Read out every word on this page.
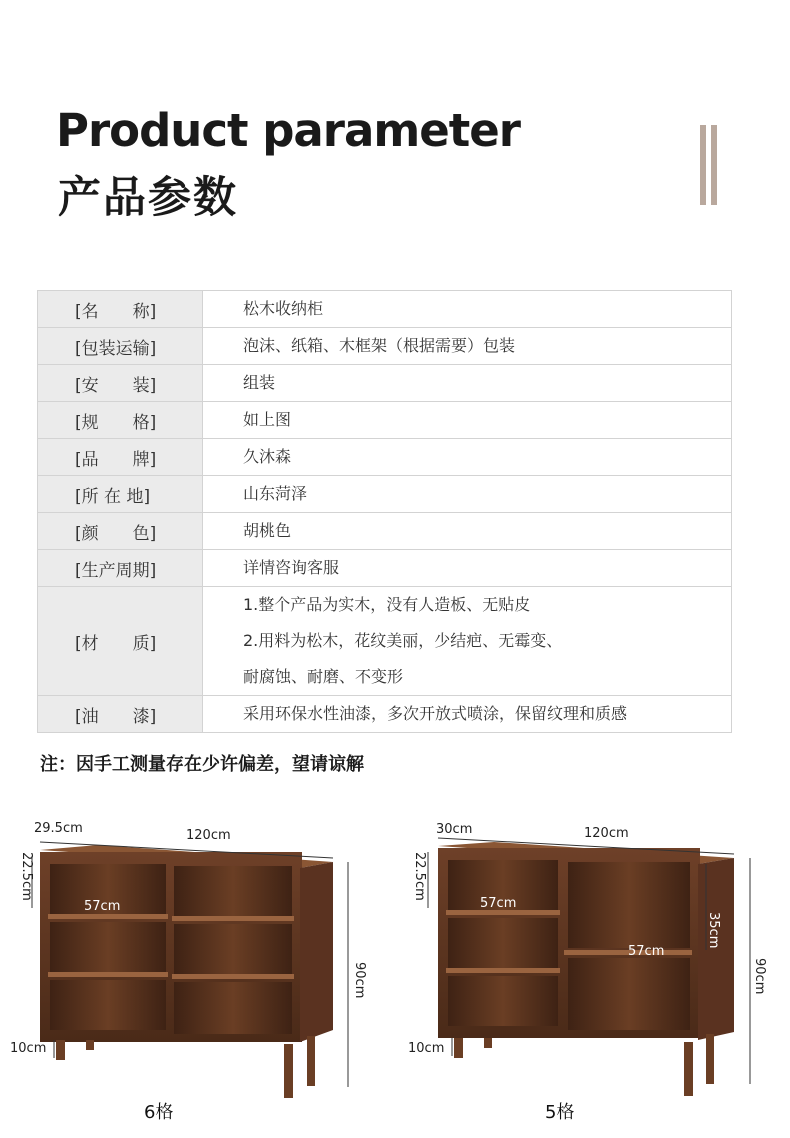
Product parameter
产品参数
[名　　称]	松木收纳柜

[包装运输]	泡沫、纸箱、木框架（根据需要）包装

[安　　装]	组装

[规　　格]	如上图

[品　　牌]	久沐森

[所 在 地]	山东菏泽

[颜　　色]	胡桃色

[生产周期]	详情咨询客服

[材　　质]	1.整个产品为实木，没有人造板、无贴皮
2.用料为松木，花纹美丽，少结疤、无霉变、
耐腐蚀、耐磨、不变形

[油　　漆]	采用环保水性油漆，多次开放式喷涂，保留纹理和质感
注：因手工测量存在少许偏差，望请谅解
29.5cm	120cm
22.5cm
57cm
90cm
10cm
6格
30cm	120cm
22.5cm
57cm
57cm
35cm
90cm
10cm
5格
